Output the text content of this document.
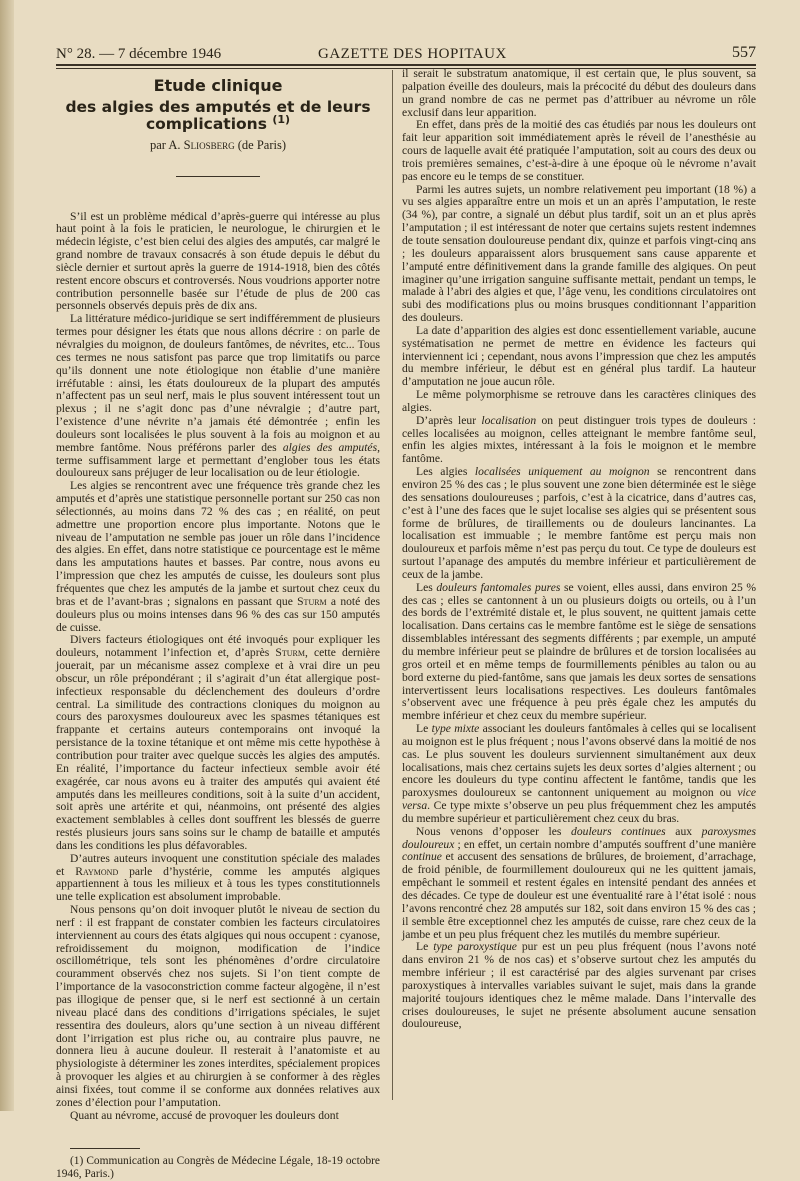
N° 28. — 7 décembre 1946	GAZETTE DES HOPITAUX	557
Etude clinique
des algies des amputés et de leurs complications $^{(1)}$
par A. Sliosberg (de Paris)

S’il est un problème médical d’après-guerre qui intéresse au plus haut point à la fois le praticien, le neurologue, le chirurgien et le médecin légiste, c’est bien celui des algies des amputés, car malgré le grand nombre de travaux consacrés à son étude depuis le début du siècle dernier et surtout après la guerre de 1914-1918, bien des côtés restent encore obscurs et controversés. Nous voudrions apporter notre contribution personnelle basée sur l’étude de plus de 200 cas personnels observés depuis près de dix ans.

La littérature médico-juridique se sert indifféremment de plusieurs termes pour désigner les états que nous allons décrire : on parle de névralgies du moignon, de douleurs fantômes, de névrites, etc... Tous ces termes ne nous satisfont pas parce que trop limitatifs ou parce qu’ils donnent une note étiologique non établie d’une manière irréfutable : ainsi, les états douloureux de la plupart des amputés n’affectent pas un seul nerf, mais le plus souvent intéressent tout un plexus ; il ne s’agit donc pas d’une névralgie ; d’autre part, l’existence d’une névrite n’a jamais été démontrée ; enfin les douleurs sont localisées le plus souvent à la fois au moignon et au membre fantôme. Nous préférons parler des algies des amputés, terme suffisamment large et permettant d’englober tous les états douloureux sans préjuger de leur localisation ou de leur étiologie.

Les algies se rencontrent avec une fréquence très grande chez les amputés et d’après une statistique personnelle portant sur 250 cas non sélectionnés, au moins dans 72 % des cas ; en réalité, on peut admettre une proportion encore plus importante. Notons que le niveau de l’amputation ne semble pas jouer un rôle dans l’incidence des algies. En effet, dans notre statistique ce pourcentage est le même dans les amputations hautes et basses. Par contre, nous avons eu l’impression que chez les amputés de cuisse, les douleurs sont plus fréquentes que chez les amputés de la jambe et surtout chez ceux du bras et de l’avant-bras ; signalons en passant que Sturm a noté des douleurs plus ou moins intenses dans 96 % des cas sur 150 amputés de cuisse.

Divers facteurs étiologiques ont été invoqués pour expliquer les douleurs, notamment l’infection et, d’après Sturm, cette dernière jouerait, par un mécanisme assez complexe et à vrai dire un peu obscur, un rôle prépondérant ; il s’agirait d’un état allergique post-infectieux responsable du déclenchement des douleurs d’ordre central. La similitude des contractions cloniques du moignon au cours des paroxysmes douloureux avec les spasmes tétaniques est frappante et certains auteurs contemporains ont invoqué la persistance de la toxine tétanique et ont même mis cette hypothèse à contribution pour traiter avec quelque succès les algies des amputés. En réalité, l’importance du facteur infectieux semble avoir été exagérée, car nous avons eu à traiter des amputés qui avaient été amputés dans les meilleures conditions, soit à la suite d’un accident, soit après une artérite et qui, néanmoins, ont présenté des algies exactement semblables à celles dont souffrent les blessés de guerre restés plusieurs jours sans soins sur le champ de bataille et amputés dans les conditions les plus défavorables.

D’autres auteurs invoquent une constitution spéciale des malades et Raymond parle d’hystérie, comme les amputés algiques appartiennent à tous les milieux et à tous les types constitutionnels une telle explication est absolument improbable.

Nous pensons qu’on doit invoquer plutôt le niveau de section du nerf : il est frappant de constater combien les facteurs circulatoires interviennent au cours des états algiques qui nous occupent : cyanose, refroidissement du moignon, modification de l’indice oscillométrique, tels sont les phénomènes d’ordre circulatoire couramment observés chez nos sujets. Si l’on tient compte de l’importance de la vasoconstriction comme facteur algogène, il n’est pas illogique de penser que, si le nerf est sectionné à un certain niveau placé dans des conditions d’irrigations spéciales, le sujet ressentira des douleurs, alors qu’une section à un niveau différent dont l’irrigation est plus riche ou, au contraire plus pauvre, ne donnera lieu à aucune douleur. Il resterait à l’anatomiste et au physiologiste à déterminer les zones interdites, spécialement propices à provoquer les algies et au chirurgien à se conformer à des règles ainsi fixées, tout comme il se conforme aux données relatives aux zones d’élection pour l’amputation.

Quant au névrome, accusé de provoquer les douleurs dont

(1) Communication au Congrès de Médecine Légale, 18-19 octobre 1946, Paris.)

il serait le substratum anatomique, il est certain que, le plus souvent, sa palpation éveille des douleurs, mais la précocité du début des douleurs dans un grand nombre de cas ne permet pas d’attribuer au névrome un rôle exclusif dans leur apparition.

En effet, dans près de la moitié des cas étudiés par nous les douleurs ont fait leur apparition soit immédiatement après le réveil de l’anesthésie au cours de laquelle avait été pratiquée l’amputation, soit au cours des deux ou trois premières semaines, c’est-à-dire à une époque où le névrome n’avait pas encore eu le temps de se constituer.

Parmi les autres sujets, un nombre relativement peu important (18 %) a vu ses algies apparaître entre un mois et un an après l’amputation, le reste (34 %), par contre, a signalé un début plus tardif, soit un an et plus après l’amputation ; il est intéressant de noter que certains sujets restent indemnes de toute sensation douloureuse pendant dix, quinze et parfois vingt-cinq ans ; les douleurs apparaissent alors brusquement sans cause apparente et l’amputé entre définitivement dans la grande famille des algiques. On peut imaginer qu’une irrigation sanguine suffisante mettait, pendant un temps, le malade à l’abri des algies et que, l’âge venu, les conditions circulatoires ont subi des modifications plus ou moins brusques conditionnant l’apparition des douleurs.

La date d’apparition des algies est donc essentiellement variable, aucune systématisation ne permet de mettre en évidence les facteurs qui interviennent ici ; cependant, nous avons l’impression que chez les amputés du membre inférieur, le début est en général plus tardif. La hauteur d’amputation ne joue aucun rôle.

Le même polymorphisme se retrouve dans les caractères cliniques des algies.

D’après leur localisation on peut distinguer trois types de douleurs : celles localisées au moignon, celles atteignant le membre fantôme seul, enfin les algies mixtes, intéressant à la fois le moignon et le membre fantôme.

Les algies localisées uniquement au moignon se rencontrent dans environ 25 % des cas ; le plus souvent une zone bien déterminée est le siège des sensations douloureuses ; parfois, c’est à la cicatrice, dans d’autres cas, c’est à l’une des faces que le sujet localise ses algies qui se présentent sous forme de brûlures, de tiraillements ou de douleurs lancinantes. La localisation est immuable ; le membre fantôme est perçu mais non douloureux et parfois même n’est pas perçu du tout. Ce type de douleurs est surtout l’apanage des amputés du membre inférieur et particulièrement de ceux de la jambe.

Les douleurs fantomales pures se voient, elles aussi, dans environ 25 % des cas ; elles se cantonnent à un ou plusieurs doigts ou orteils, ou à l’un des bords de l’extrémité distale et, le plus souvent, ne quittent jamais cette localisation. Dans certains cas le membre fantôme est le siège de sensations dissemblables intéressant des segments différents ; par exemple, un amputé du membre inférieur peut se plaindre de brûlures et de torsion localisées au gros orteil et en même temps de fourmillements pénibles au talon ou au bord externe du pied-fantôme, sans que jamais les deux sortes de sensations intervertissent leurs localisations respectives. Les douleurs fantômales s’observent avec une fréquence à peu près égale chez les amputés du membre inférieur et chez ceux du membre supérieur.

Le type mixte associant les douleurs fantômales à celles qui se localisent au moignon est le plus fréquent ; nous l’avons observé dans la moitié de nos cas. Le plus souvent les douleurs surviennent simultanément aux deux localisations, mais chez certains sujets les deux sortes d’algies alternent ; ou encore les douleurs du type continu affectent le fantôme, tandis que les paroxysmes douloureux se cantonnent uniquement au moignon ou vice versa. Ce type mixte s’observe un peu plus fréquemment chez les amputés du membre supérieur et particulièrement chez ceux du bras.

Nous venons d’opposer les douleurs continues aux paroxysmes douloureux ; en effet, un certain nombre d’amputés souffrent d’une manière continue et accusent des sensations de brûlures, de broiement, d’arrachage, de froid pénible, de fourmillement douloureux qui ne les quittent jamais, empêchant le sommeil et restent égales en intensité pendant des années et des décades. Ce type de douleur est une éventualité rare à l’état isolé : nous l’avons rencontré chez 28 amputés sur 182, soit dans environ 15 % des cas ; il semble être exceptionnel chez les amputés de cuisse, rare chez ceux de la jambe et un peu plus fréquent chez les mutilés du membre supérieur.

Le type paroxystique pur est un peu plus fréquent (nous l’avons noté dans environ 21 % de nos cas) et s’observe surtout chez les amputés du membre inférieur ; il est caractérisé par des algies survenant par crises paroxystiques à intervalles variables suivant le sujet, mais dans la grande majorité toujours identiques chez le même malade. Dans l’intervalle des crises douloureuses, le sujet ne présente absolument aucune sensation douloureuse,
